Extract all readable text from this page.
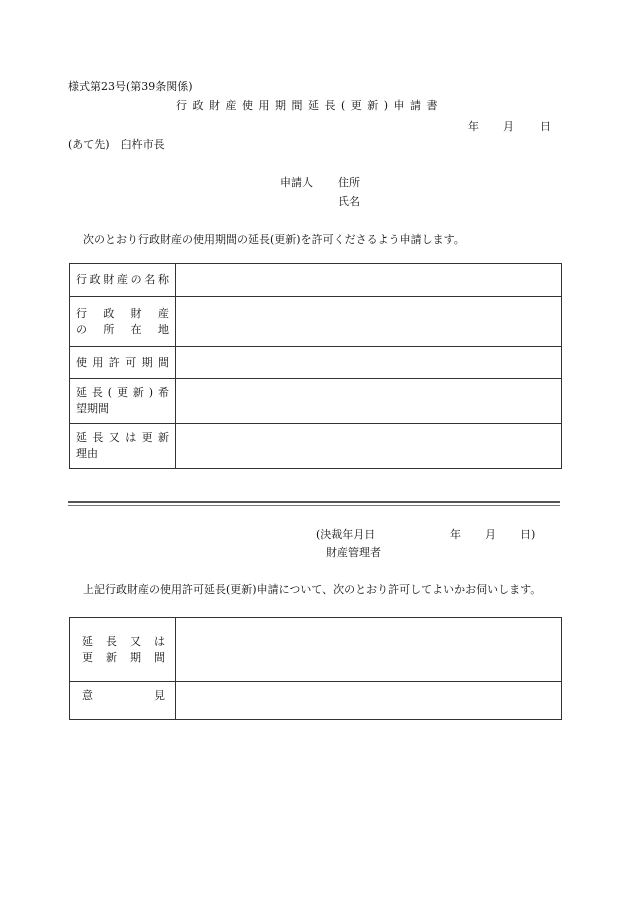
様式第23号(第39条関係)
行 政 財 産 使 用 期 間 延 長 ( 更 新 ) 申 請 書
年 月 日
(あて先)　臼杵市長
申請人 住所
氏名
次のとおり行政財産の使用期間の延長(更新)を許可くださるよう申請します。
行政財産の名称	

行政財産
の所在地	

使用許可期間	

延長(更新)希
望期間	

延長又は更新
理由	

(決裁年月日	年 月 日)
財産管理者
上記行政財産の使用許可延長(更新)申請について、次のとおり許可してよいかお伺いします。
延長又は
更新期間	

意見	
